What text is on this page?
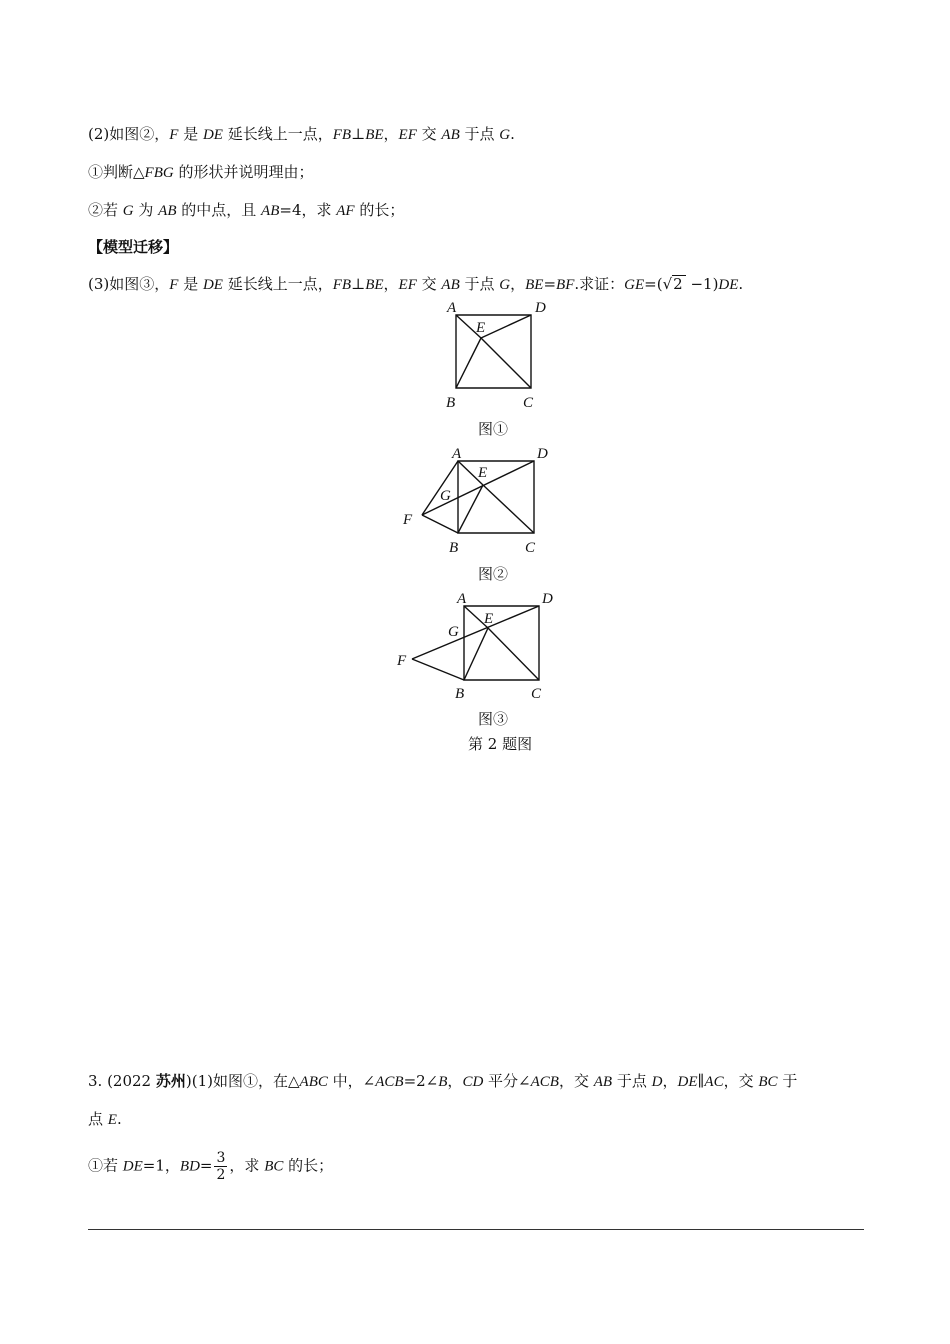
(2)如图②，F 是 DE 延长线上一点，FB⊥BE，EF 交 AB 于点 G.
①判断△FBG 的形状并说明理由；
②若 G 为 AB 的中点，且 AB=4，求 AF 的长；
【模型迁移】
(3)如图③，F 是 DE 延长线上一点，FB⊥BE，EF 交 AB 于点 G，BE=BF.求证：GE=(√2 −1)DE.
A	D
E
B	C
图①
A	D
E
G
F
B	C
图②
A	D
E
G
F
B	C
图③
第 2 题图
3. (2022 苏州)(1)如图①，在△ABC 中，∠ACB=2∠B，CD 平分∠ACB，交 AB 于点 D，DE∥AC，交 BC 于
点 E.
①若 DE=1，$BD= \frac{3}{2}$ ，求 BC 的长；
